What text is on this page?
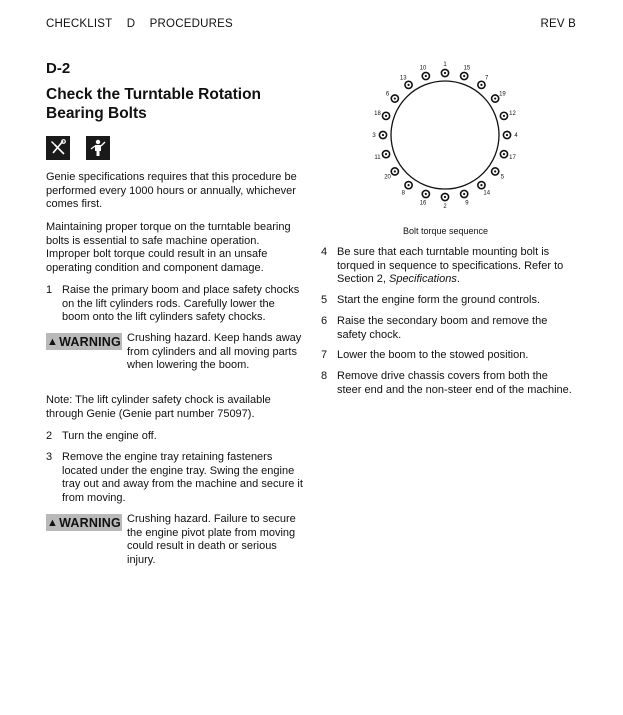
CHECKLIST D PROCEDURES	REV B
D-2
Check the Turntable Rotation Bearing Bolts
Genie specifications requires that this procedure be performed every 1000 hours or annually, whichever comes first.
Maintaining proper torque on the turntable bearing bolts is essential to safe machine operation. Improper bolt torque could result in an unsafe operating condition and component damage.
1 Raise the primary boom and place safety chocks on the lift cylinders rods. Carefully lower the boom onto the lift cylinders safety chocks.
▲ WARNING Crushing hazard. Keep hands away from cylinders and all moving parts when lowering the boom.
Note: The lift cylinder safety chock is available through Genie (Genie part number 75097).
2 Turn the engine off.
3 Remove the engine tray retaining fasteners located under the engine tray. Swing the engine tray out and away from the machine and secure it from moving.
▲ WARNING Crushing hazard. Failure to secure the engine pivot plate from moving could result in death or serious injury.
1
15
7
19
12
4
17
5
14
9
2
16
8
20
11
3
18
6
13
10
Bolt torque sequence
4 Be sure that each turntable mounting bolt is torqued in sequence to specifications. Refer to Section 2, Specifications.
5 Start the engine form the ground controls.
6 Raise the secondary boom and remove the safety chock.
7 Lower the boom to the stowed position.
8 Remove drive chassis covers from both the steer end and the non-steer end of the machine.
